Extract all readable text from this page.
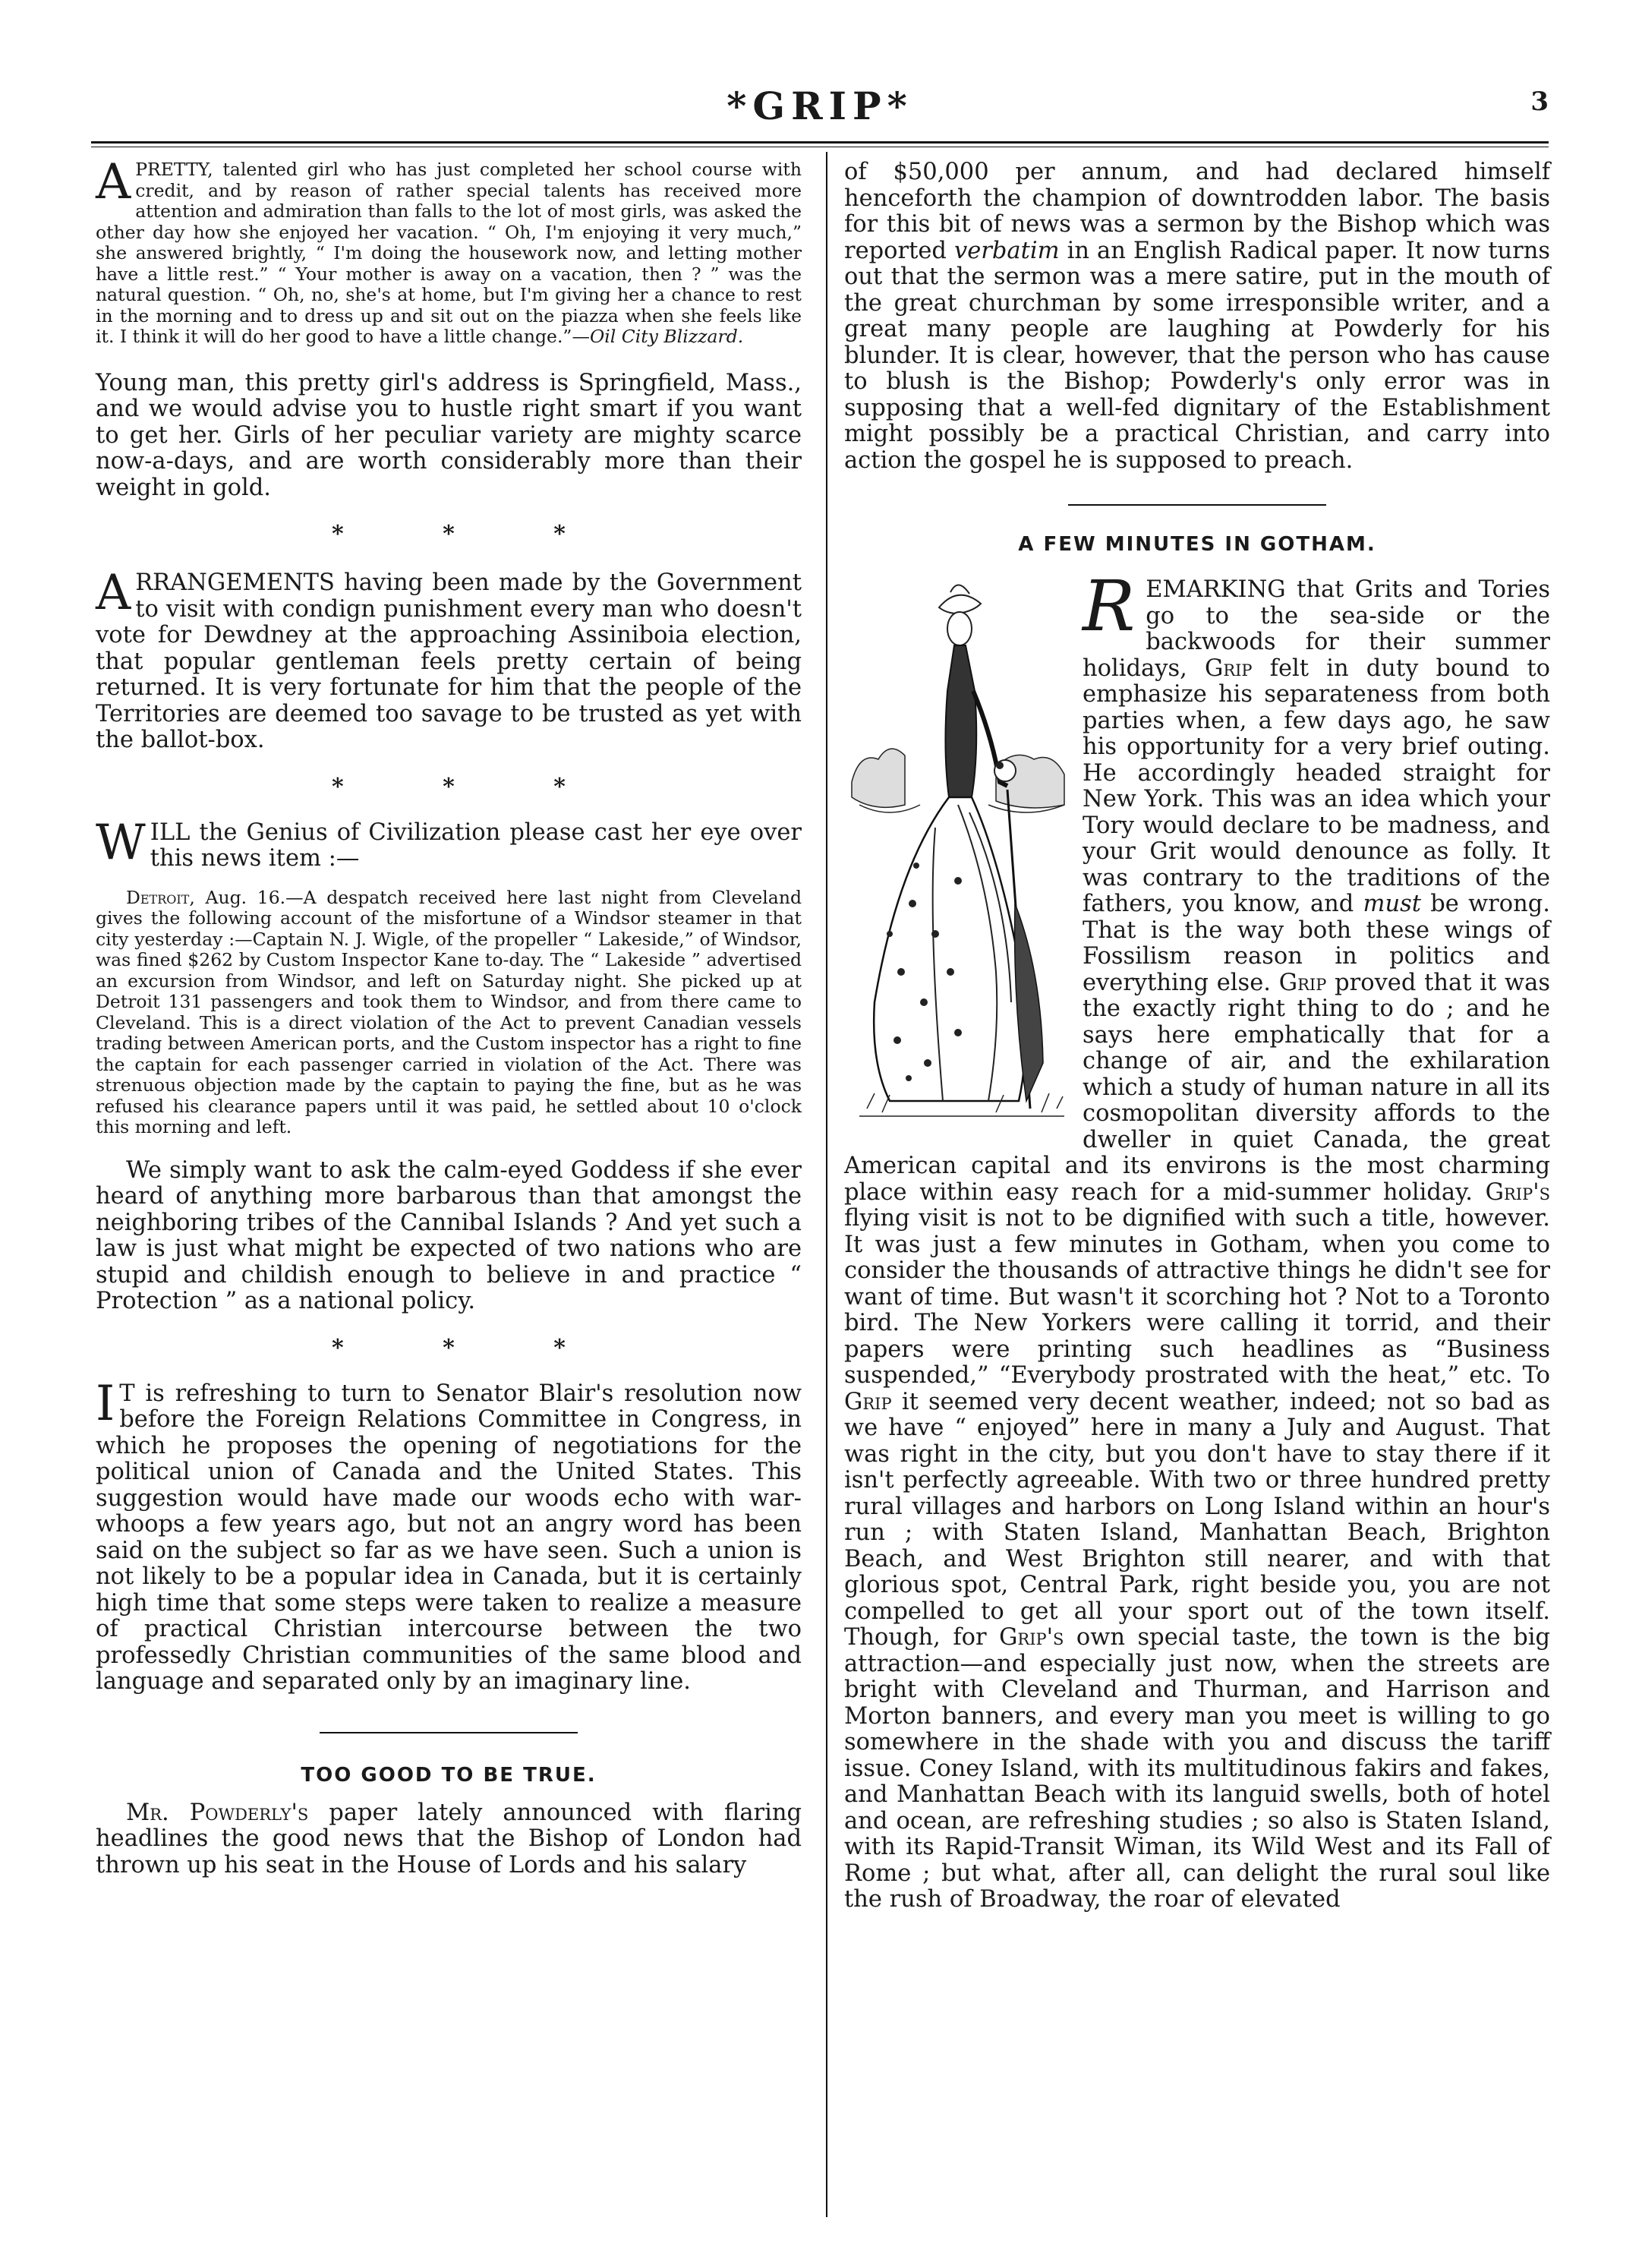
*GRIP*	3

APRETTY, talented girl who has just completed her school course with credit, and by reason of rather special talents has received more attention and admiration than falls to the lot of most girls, was asked the other day how she enjoyed her vacation. “ Oh, I'm enjoying it very much,” she answered brightly, “ I'm doing the housework now, and letting mother have a little rest.” “ Your mother is away on a vacation, then ? ” was the natural question. “ Oh, no, she's at home, but I'm giving her a chance to rest in the morning and to dress up and sit out on the piazza when she feels like it. I think it will do her good to have a little change.”—Oil City Blizzard.

Young man, this pretty girl's address is Springfield, Mass., and we would advise you to hustle right smart if you want to get her. Girls of her peculiar variety are mighty scarce now-a-days, and are worth considerably more than their weight in gold.

* * *

ARRANGEMENTS having been made by the Government to visit with condign punishment every man who doesn't vote for Dewdney at the approaching Assiniboia election, that popular gentleman feels pretty certain of being returned. It is very fortunate for him that the people of the Territories are deemed too savage to be trusted as yet with the ballot-box.

* * *

WILL the Genius of Civilization please cast her eye over this news item :—

Detroit, Aug. 16.—A despatch received here last night from Cleveland gives the following account of the misfortune of a Windsor steamer in that city yesterday :—Captain N. J. Wigle, of the propeller “ Lakeside,” of Windsor, was fined $262 by Custom Inspector Kane to-day. The “ Lakeside ” advertised an excursion from Windsor, and left on Saturday night. She picked up at Detroit 131 passengers and took them to Windsor, and from there came to Cleveland. This is a direct violation of the Act to prevent Canadian vessels trading between American ports, and the Custom inspector has a right to fine the captain for each passenger carried in violation of the Act. There was strenuous objection made by the captain to paying the fine, but as he was refused his clearance papers until it was paid, he settled about 10 o'clock this morning and left.

We simply want to ask the calm-eyed Goddess if she ever heard of anything more barbarous than that amongst the neighboring tribes of the Cannibal Islands ? And yet such a law is just what might be expected of two nations who are stupid and childish enough to believe in and practice “ Protection ” as a national policy.

* * *

I T is refreshing to turn to Senator Blair's resolution now before the Foreign Relations Committee in Congress, in which he proposes the opening of negotiations for the political union of Canada and the United States. This suggestion would have made our woods echo with war-whoops a few years ago, but not an angry word has been said on the subject so far as we have seen. Such a union is not likely to be a popular idea in Canada, but it is certainly high time that some steps were taken to realize a measure of practical Christian intercourse between the two professedly Christian communities of the same blood and language and separated only by an imaginary line.

TOO GOOD TO BE TRUE.

Mr. Powderly's paper lately announced with flaring headlines the good news that the Bishop of London had thrown up his seat in the House of Lords and his salary

of $50,000 per annum, and had declared himself henceforth the champion of downtrodden labor. The basis for this bit of news was a sermon by the Bishop which was reported verbatim in an English Radical paper. It now turns out that the sermon was a mere satire, put in the mouth of the great churchman by some irresponsible writer, and a great many people are laughing at Powderly for his blunder. It is clear, however, that the person who has cause to blush is the Bishop; Powderly's only error was in supposing that a well-fed dignitary of the Establishment might possibly be a practical Christian, and carry into action the gospel he is supposed to preach.

A FEW MINUTES IN GOTHAM.

REMARKING that Grits and Tories go to the sea-side or the backwoods for their summer holidays, Grip felt in duty bound to emphasize his separateness from both parties when, a few days ago, he saw his opportunity for a very brief outing. He accordingly headed straight for New York. This was an idea which your Tory would declare to be madness, and your Grit would denounce as folly. It was contrary to the traditions of the fathers, you know, and must be wrong. That is the way both these wings of Fossilism reason in politics and everything else. Grip proved that it was the exactly right thing to do ; and he says here emphatically that for a change of air, and the exhilaration which a study of human nature in all its cosmopolitan diversity affords to the dweller in quiet Canada, the great American capital and its environs is the most charming place within easy reach for a mid-summer holiday. Grip's flying visit is not to be dignified with such a title, however. It was just a few minutes in Gotham, when you come to consider the thousands of attractive things he didn't see for want of time. But wasn't it scorching hot ? Not to a Toronto bird. The New Yorkers were calling it torrid, and their papers were printing such headlines as “Business suspended,” “Everybody prostrated with the heat,” etc. To Grip it seemed very decent weather, indeed; not so bad as we have “ enjoyed” here in many a July and August. That was right in the city, but you don't have to stay there if it isn't perfectly agreeable. With two or three hundred pretty rural villages and harbors on Long Island within an hour's run ; with Staten Island, Manhattan Beach, Brighton Beach, and West Brighton still nearer, and with that glorious spot, Central Park, right beside you, you are not compelled to get all your sport out of the town itself. Though, for Grip's own special taste, the town is the big attraction—and especially just now, when the streets are bright with Cleveland and Thurman, and Harrison and Morton banners, and every man you meet is willing to go somewhere in the shade with you and discuss the tariff issue. Coney Island, with its multitudinous fakirs and fakes, and Manhattan Beach with its languid swells, both of hotel and ocean, are refreshing studies ; so also is Staten Island, with its Rapid-Transit Wiman, its Wild West and its Fall of Rome ; but what, after all, can delight the rural soul like the rush of Broadway, the roar of elevated
